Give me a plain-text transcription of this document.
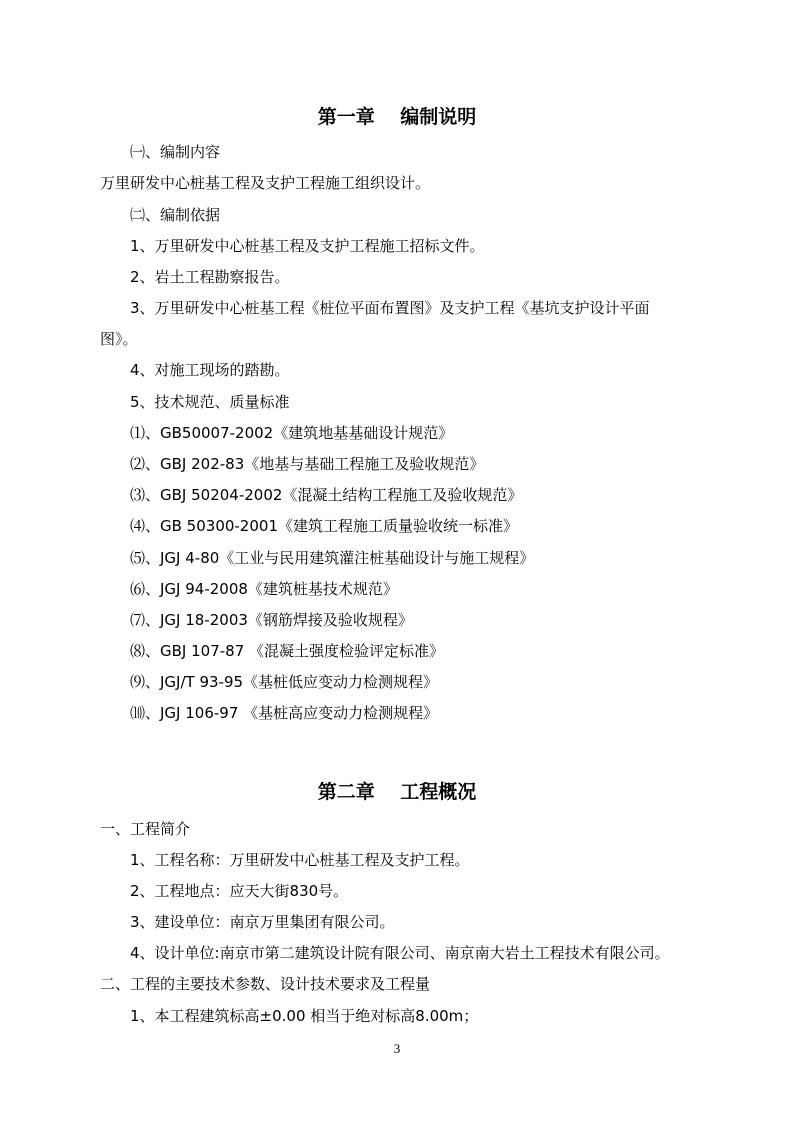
第一章　 编制说明
㈠、编制内容
万里研发中心桩基工程及支护工程施工组织设计。
㈡、编制依据
1、万里研发中心桩基工程及支护工程施工招标文件。
2、岩土工程勘察报告。
3、万里研发中心桩基工程《桩位平面布置图》及支护工程《基坑支护设计平面
图》。
4、对施工现场的踏勘。
5、技术规范、质量标准
⑴、GB50007-2002《建筑地基基础设计规范》
⑵、GBJ 202-83《地基与基础工程施工及验收规范》
⑶、GBJ 50204-2002《混凝土结构工程施工及验收规范》
⑷、GB 50300-2001《建筑工程施工质量验收统一标准》
⑸、JGJ 4-80《工业与民用建筑灌注桩基础设计与施工规程》
⑹、JGJ 94-2008《建筑桩基技术规范》
⑺、JGJ 18-2003《钢筋焊接及验收规程》
⑻、GBJ 107-87 《混凝土强度检验评定标准》
⑼、JGJ/T 93-95《基桩低应变动力检测规程》
⑽、JGJ 106-97 《基桩高应变动力检测规程》
第二章　 工程概况
一、工程简介
1、工程名称：万里研发中心桩基工程及支护工程。
2、工程地点：应天大街830号。
3、建设单位：南京万里集团有限公司。
4、设计单位:南京市第二建筑设计院有限公司、南京南大岩土工程技术有限公司。
二、工程的主要技术参数、设计技术要求及工程量
1、本工程建筑标高±0.00 相当于绝对标高8.00m；
3
